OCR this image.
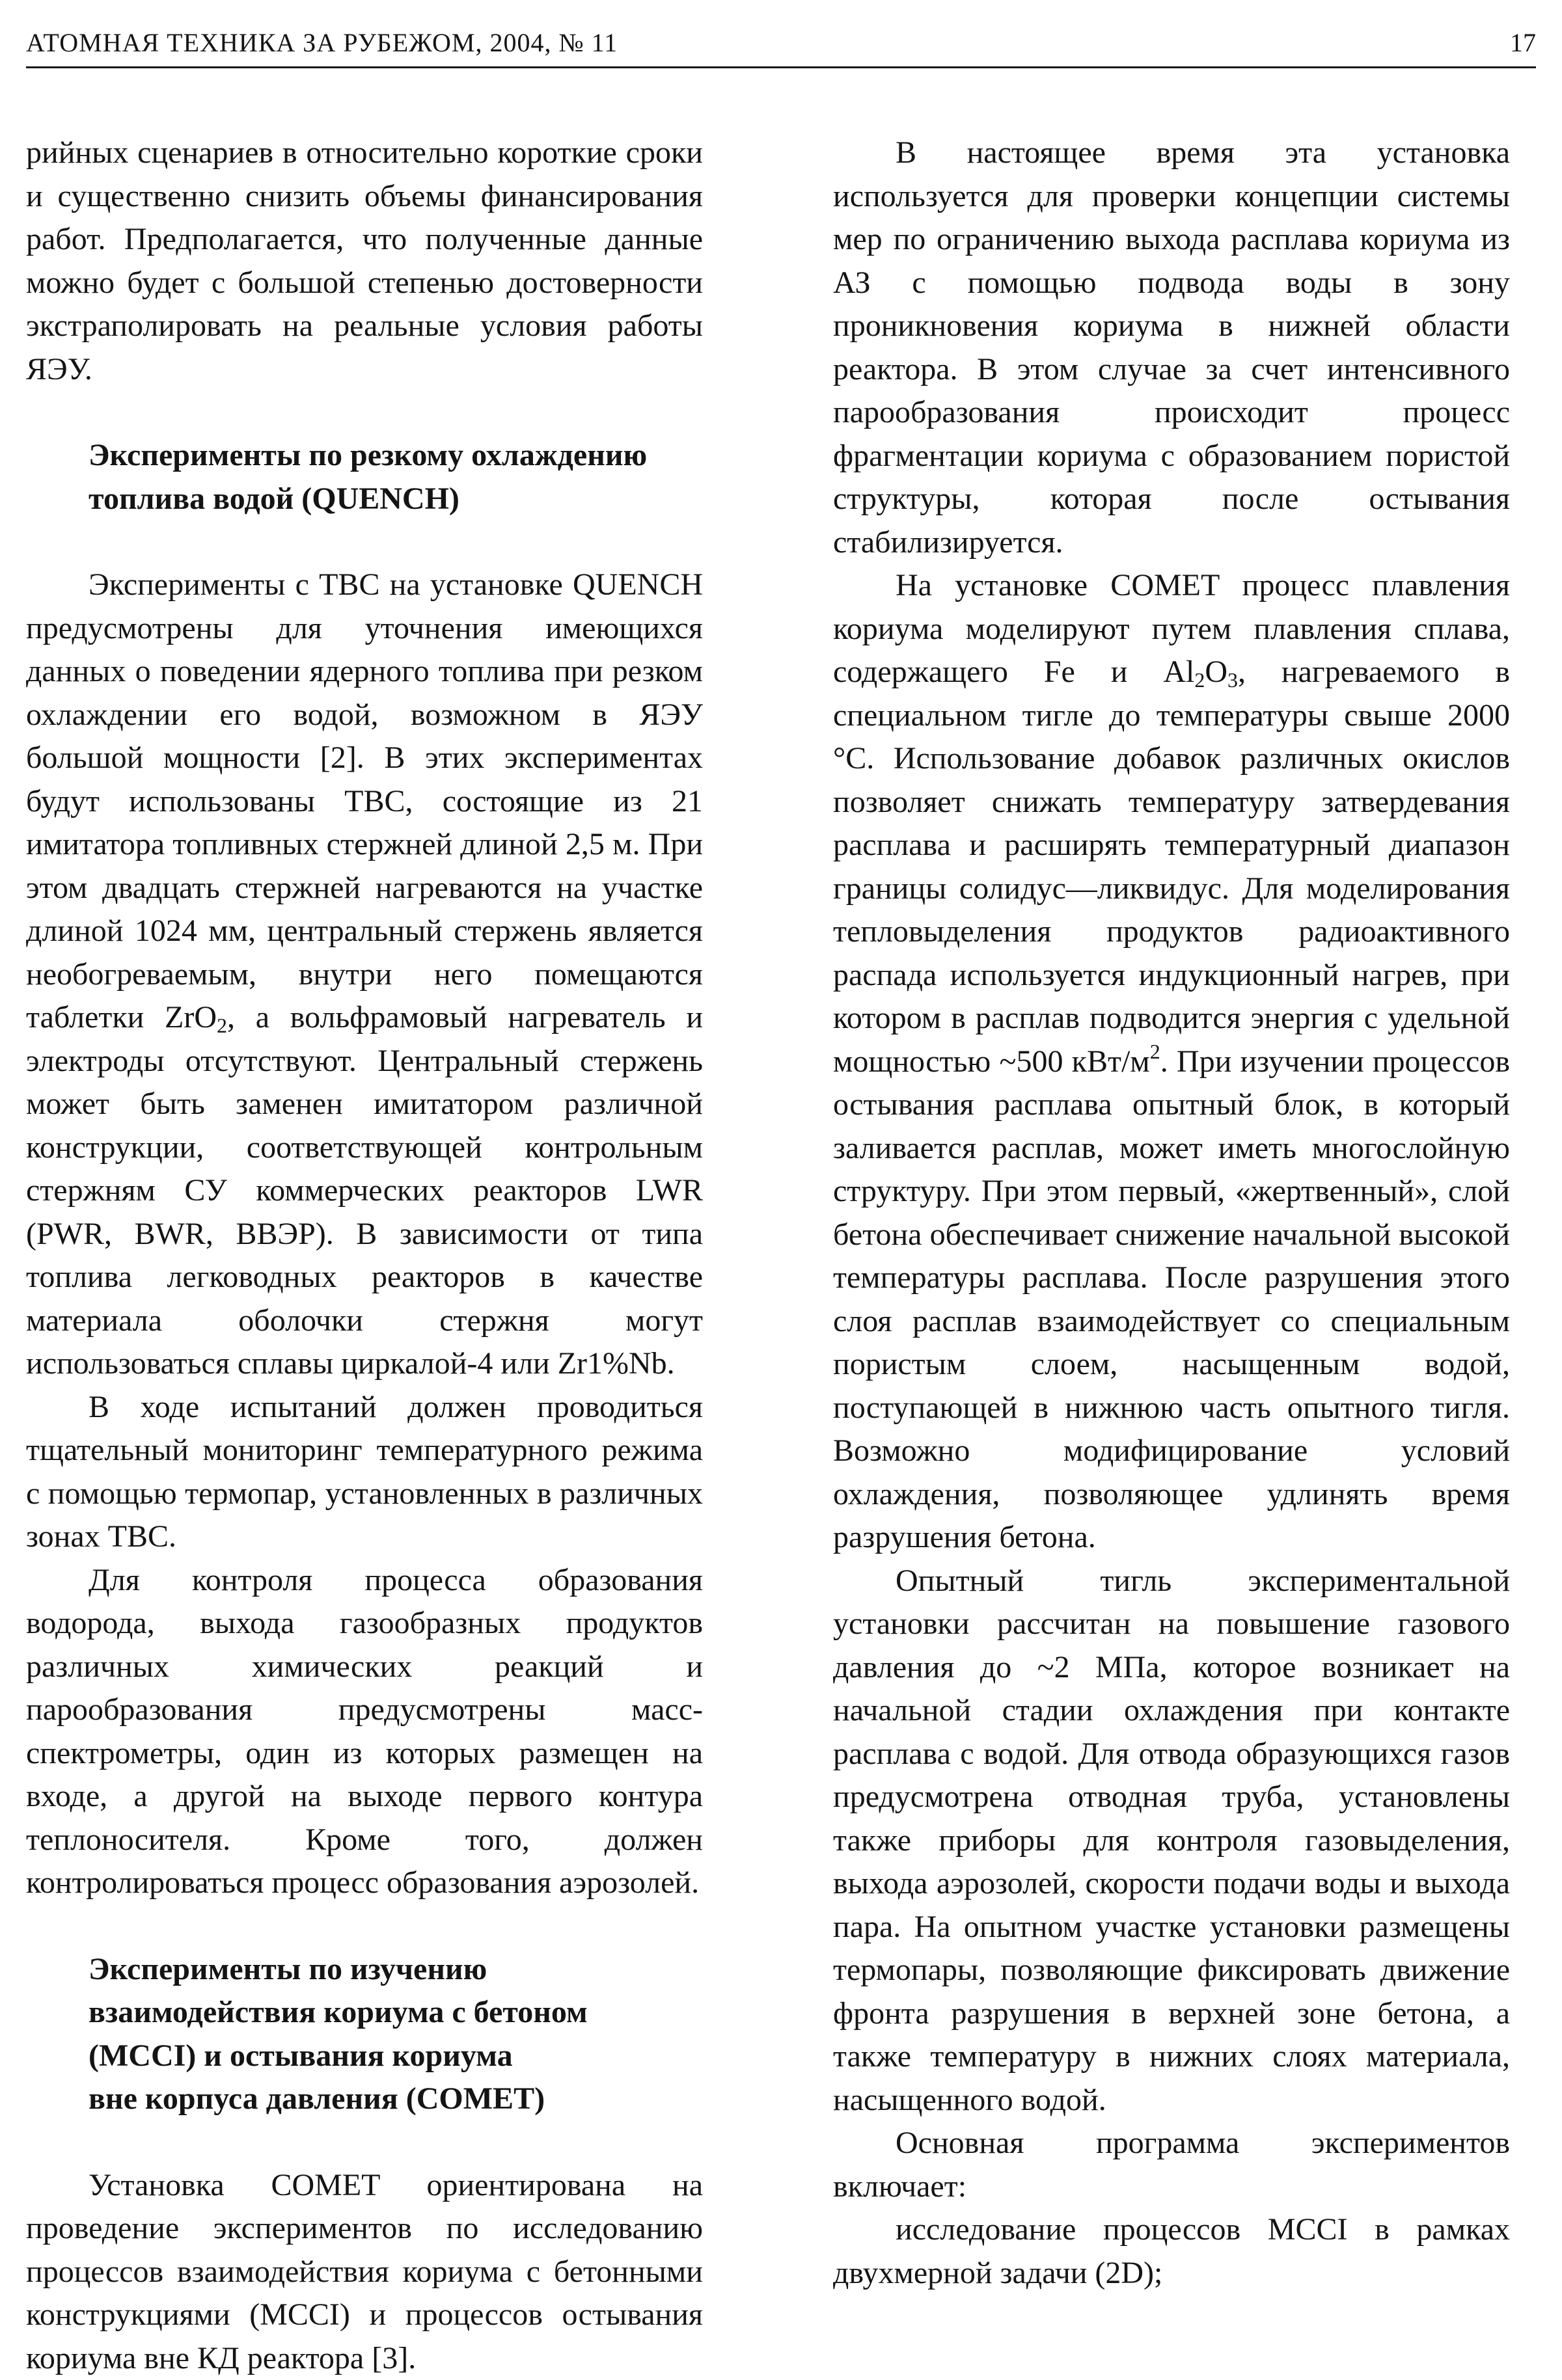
АТОМНАЯ ТЕХНИКА ЗА РУБЕЖОМ, 2004, № 11	17

рийных сценариев в относительно короткие сроки и существенно снизить объемы финансирования работ. Предполагается, что полученные данные можно будет с большой степенью достоверности экстраполировать на реальные условия работы ЯЭУ.

Эксперименты по резкому охлаждению топлива водой (QUENCH)

Эксперименты с ТВС на установке QUENCH предусмотрены для уточнения имеющихся данных о поведении ядерного топлива при резком охлаждении его водой, возможном в ЯЭУ большой мощности [2]. В этих экспериментах будут использованы ТВС, состоящие из 21 имитатора топливных стержней длиной 2,5 м. При этом двадцать стержней нагреваются на участке длиной 1024 мм, центральный стержень является необогреваемым, внутри него помещаются таблетки ZrO$_2$, а вольфрамовый нагреватель и электроды отсутствуют. Центральный стержень может быть заменен имитатором различной конструкции, соответствующей контрольным стержням СУ коммерческих реакторов LWR (PWR, BWR, ВВЭР). В зависимости от типа топлива легководных реакторов в качестве материала оболочки стержня могут использоваться сплавы циркалой-4 или Zr1%Nb.

В ходе испытаний должен проводиться тщательный мониторинг температурного режима с помощью термопар, установленных в различных зонах ТВС.

Для контроля процесса образования водорода, выхода газообразных продуктов различных химических реакций и парообразования предусмотрены масс-спектрометры, один из которых размещен на входе, а другой на выходе первого контура теплоносителя. Кроме того, должен контролироваться процесс образования аэрозолей.

Эксперименты по изучению
взаимодействия кориума с бетоном
(МССI) и остывания кориума
вне корпуса давления (COMET)

Установка COMET ориентирована на проведение экспериментов по исследованию процессов взаимодействия кориума с бетонными конструкциями (MCCI) и процессов остывания кориума вне КД реактора [3].

В настоящее время эта установка используется для проверки концепции системы мер по ограничению выхода расплава кориума из АЗ с помощью подвода воды в зону проникновения кориума в нижней области реактора. В этом случае за счет интенсивного парообразования происходит процесс фрагментации кориума с образованием пористой структуры, которая после остывания стабилизируется.

На установке COMET процесс плавления кориума моделируют путем плавления сплава, содержащего Fe и $Al_2O_3$, нагреваемого в специальном тигле до температуры свыше 2000 °С. Использование добавок различных окислов позволяет снижать температуру затвердевания расплава и расширять температурный диапазон границы солидус—ликвидус. Для моделирования тепловыделения продуктов радиоактивного распада используется индукционный нагрев, при котором в расплав подводится энергия с удельной мощностью ~500 кВт/$м^2$. При изучении процессов остывания расплава опытный блок, в который заливается расплав, может иметь многослойную структуру. При этом первый, «жертвенный», слой бетона обеспечивает снижение начальной высокой температуры расплава. После разрушения этого слоя расплав взаимодействует со специальным пористым слоем, насыщенным водой, поступающей в нижнюю часть опытного тигля. Возможно модифицирование условий охлаждения, позволяющее удлинять время разрушения бетона.

Опытный тигль экспериментальной установки рассчитан на повышение газового давления до ~2 МПа, которое возникает на начальной стадии охлаждения при контакте расплава с водой. Для отвода образующихся газов предусмотрена отводная труба, установлены также приборы для контроля газовыделения, выхода аэрозолей, скорости подачи воды и выхода пара. На опытном участке установки размещены термопары, позволяющие фиксировать движение фронта разрушения в верхней зоне бетона, а также температуру в нижних слоях материала, насыщенного водой.

Основная программа экспериментов включает:

исследование процессов MCCI в рамках двухмерной задачи (2D);
